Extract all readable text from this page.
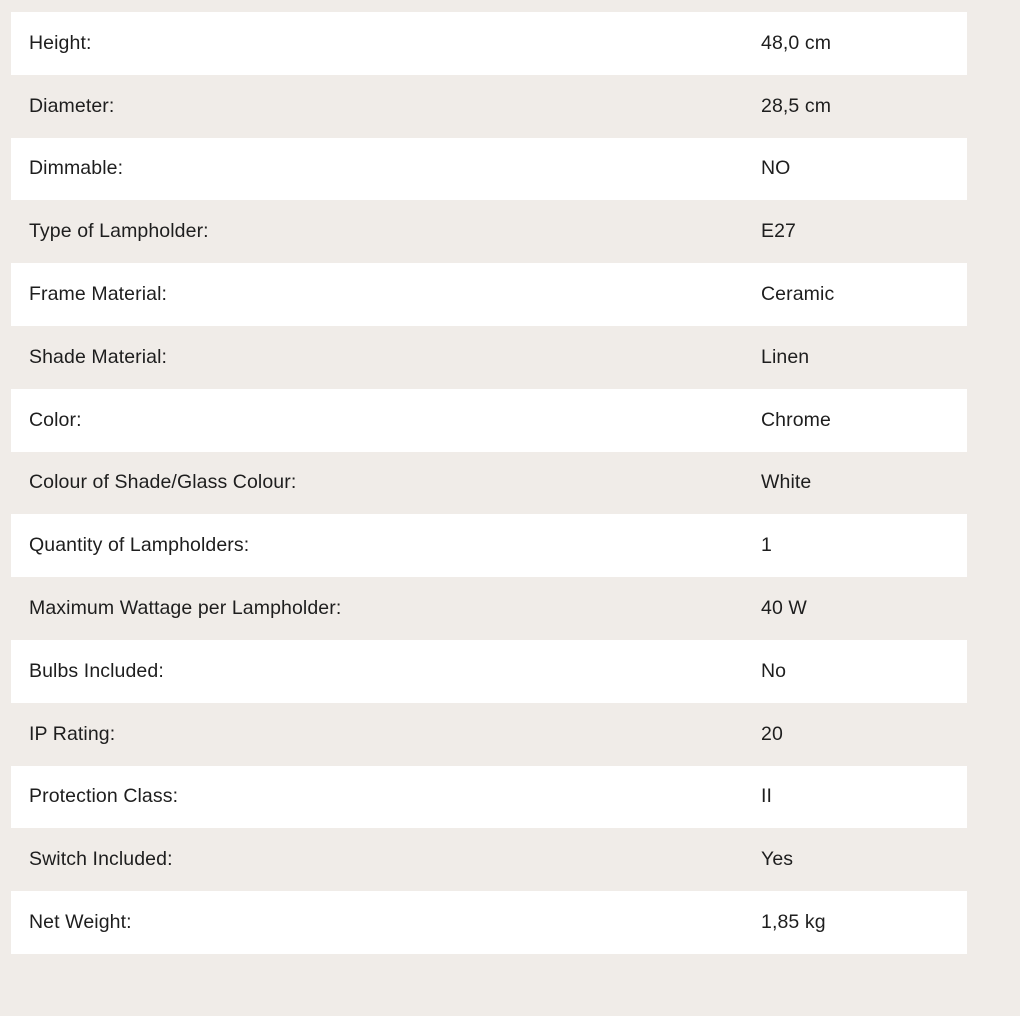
Height:	48,0 cm
Diameter:	28,5 cm
Dimmable:	NO
Type of Lampholder:	E27
Frame Material:	Ceramic
Shade Material:	Linen
Color:	Chrome
Colour of Shade/Glass Colour:	White
Quantity of Lampholders:	1
Maximum Wattage per Lampholder:	40 W
Bulbs Included:	No
IP Rating:	20
Protection Class:	II
Switch Included:	Yes
Net Weight:	1,85 kg
